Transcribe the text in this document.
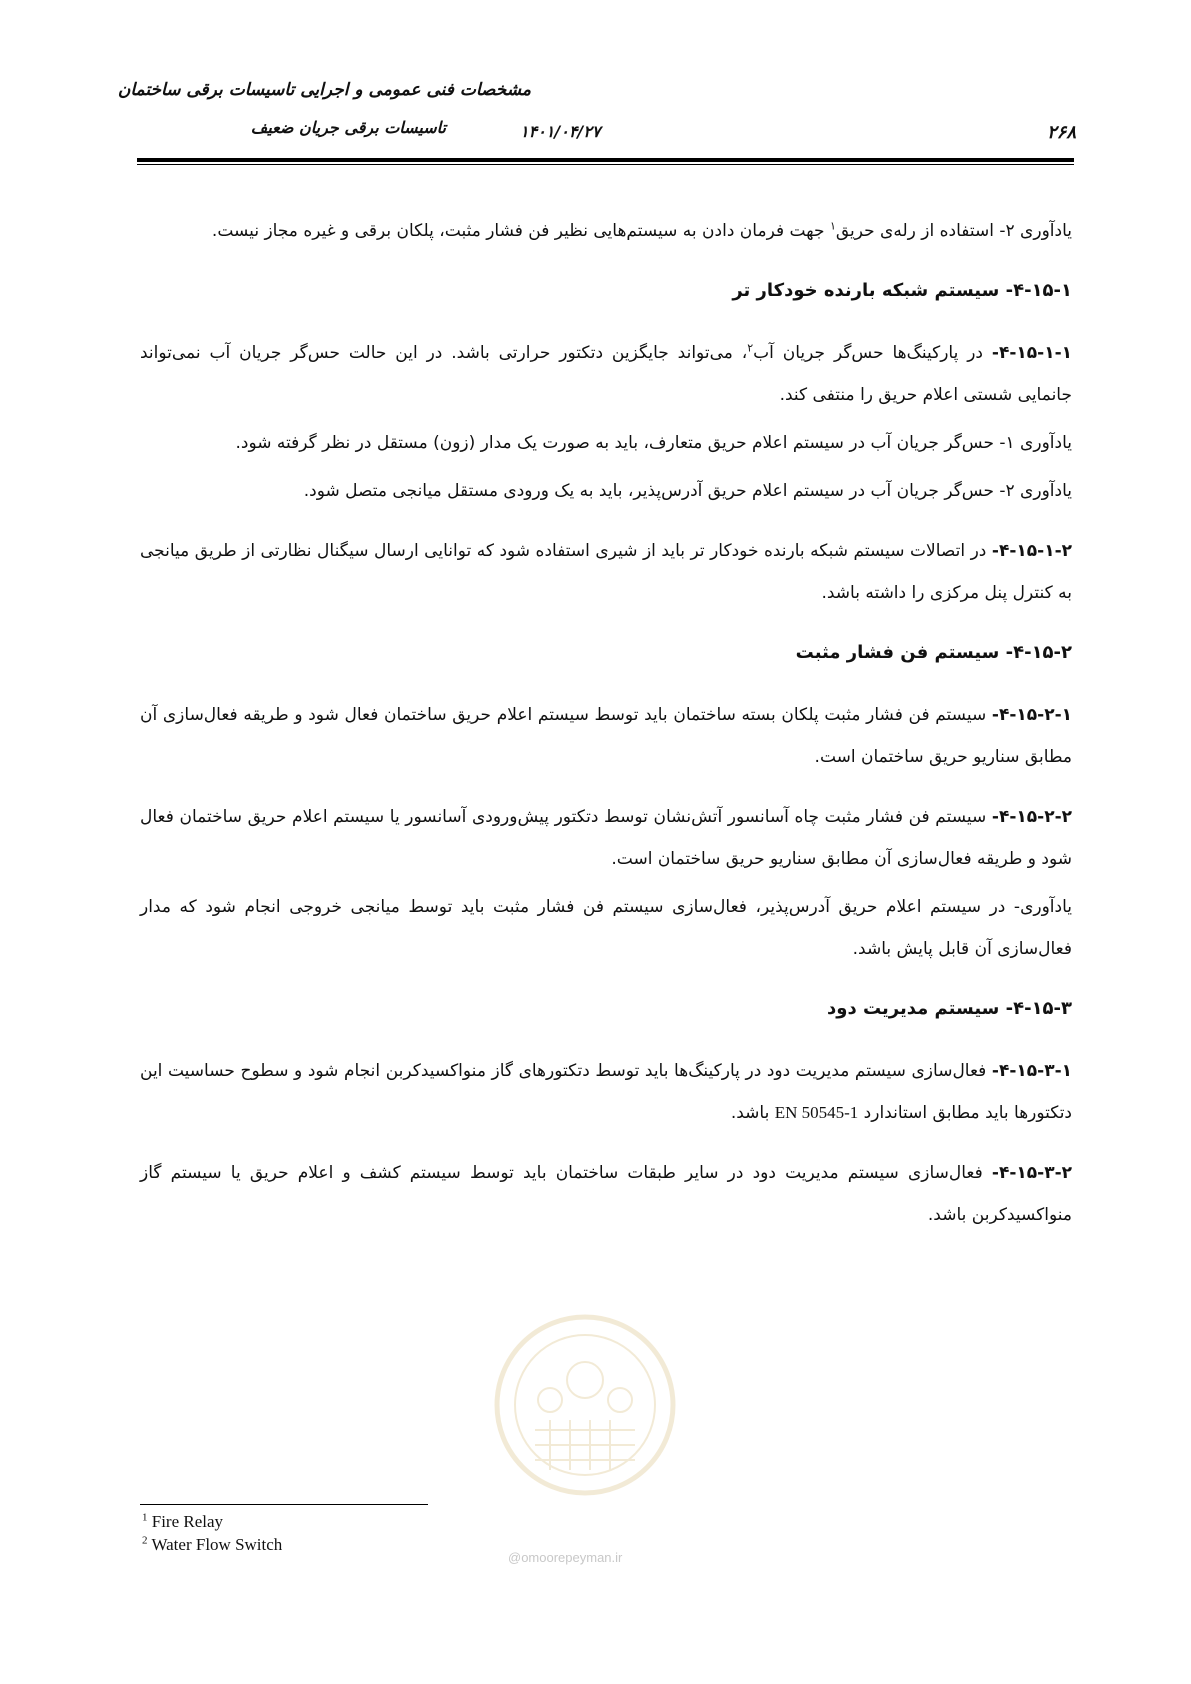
مشخصات فنی عمومی و اجرایی تاسیسات برقی ساختمان
تاسیسات برقی جریان ضعیف	۱۴۰۱/۰۴/۲۷	۲۶۸

یادآوری ۲- استفاده از رله‌ی حریق$^۱$ جهت فرمان دادن به سیستم‌هایی نظیر فن فشار مثبت، پلکان برقی و غیره مجاز نیست.

۴-۱۵-۱- سیستم شبکه بارنده خودکار تر

۴-۱۵-۱-۱- در پارکینگ‌ها حس‌گر جریان آب$^۲$، می‌تواند جایگزین دتکتور حرارتی باشد. در این حالت حس‌گر جریان آب نمی‌تواند جانمایی شستی اعلام حریق را منتفی کند.

یادآوری ۱- حس‌گر جریان آب در سیستم اعلام حریق متعارف، باید به صورت یک مدار (زون) مستقل در نظر گرفته شود.

یادآوری ۲- حس‌گر جریان آب در سیستم اعلام حریق آدرس‌پذیر، باید به یک ورودی مستقل میانجی متصل شود.

۴-۱۵-۱-۲- در اتصالات سیستم شبکه بارنده خودکار تر باید از شیری استفاده شود که توانایی ارسال سیگنال نظارتی از طریق میانجی به کنترل پنل مرکزی را داشته باشد.

۴-۱۵-۲- سیستم فن فشار مثبت

۴-۱۵-۲-۱- سیستم فن فشار مثبت پلکان بسته ساختمان باید توسط سیستم اعلام حریق ساختمان فعال شود و طریقه فعال‌سازی آن مطابق سناریو حریق ساختمان است.

۴-۱۵-۲-۲- سیستم فن فشار مثبت چاه آسانسور آتش‌نشان توسط دتکتور پیش‌ورودی آسانسور یا سیستم اعلام حریق ساختمان فعال شود و طریقه فعال‌سازی آن مطابق سناریو حریق ساختمان است.

یادآوری- در سیستم اعلام حریق آدرس‌پذیر، فعال‌سازی سیستم فن فشار مثبت باید توسط میانجی خروجی انجام شود که مدار فعال‌سازی آن قابل پایش باشد.

۴-۱۵-۳- سیستم مدیریت دود

۴-۱۵-۳-۱- فعال‌سازی سیستم مدیریت دود در پارکینگ‌ها باید توسط دتکتورهای گاز منواکسیدکربن انجام شود و سطوح حساسیت این دتکتورها باید مطابق استاندارد EN 50545-1 باشد.

۴-۱۵-۳-۲- فعال‌سازی سیستم مدیریت دود در سایر طبقات ساختمان باید توسط سیستم کشف و اعلام حریق یا سیستم گاز منواکسیدکربن باشد.

@omoorepeyman.ir
$^1$ Fire Relay
$^2$ Water Flow Switch
